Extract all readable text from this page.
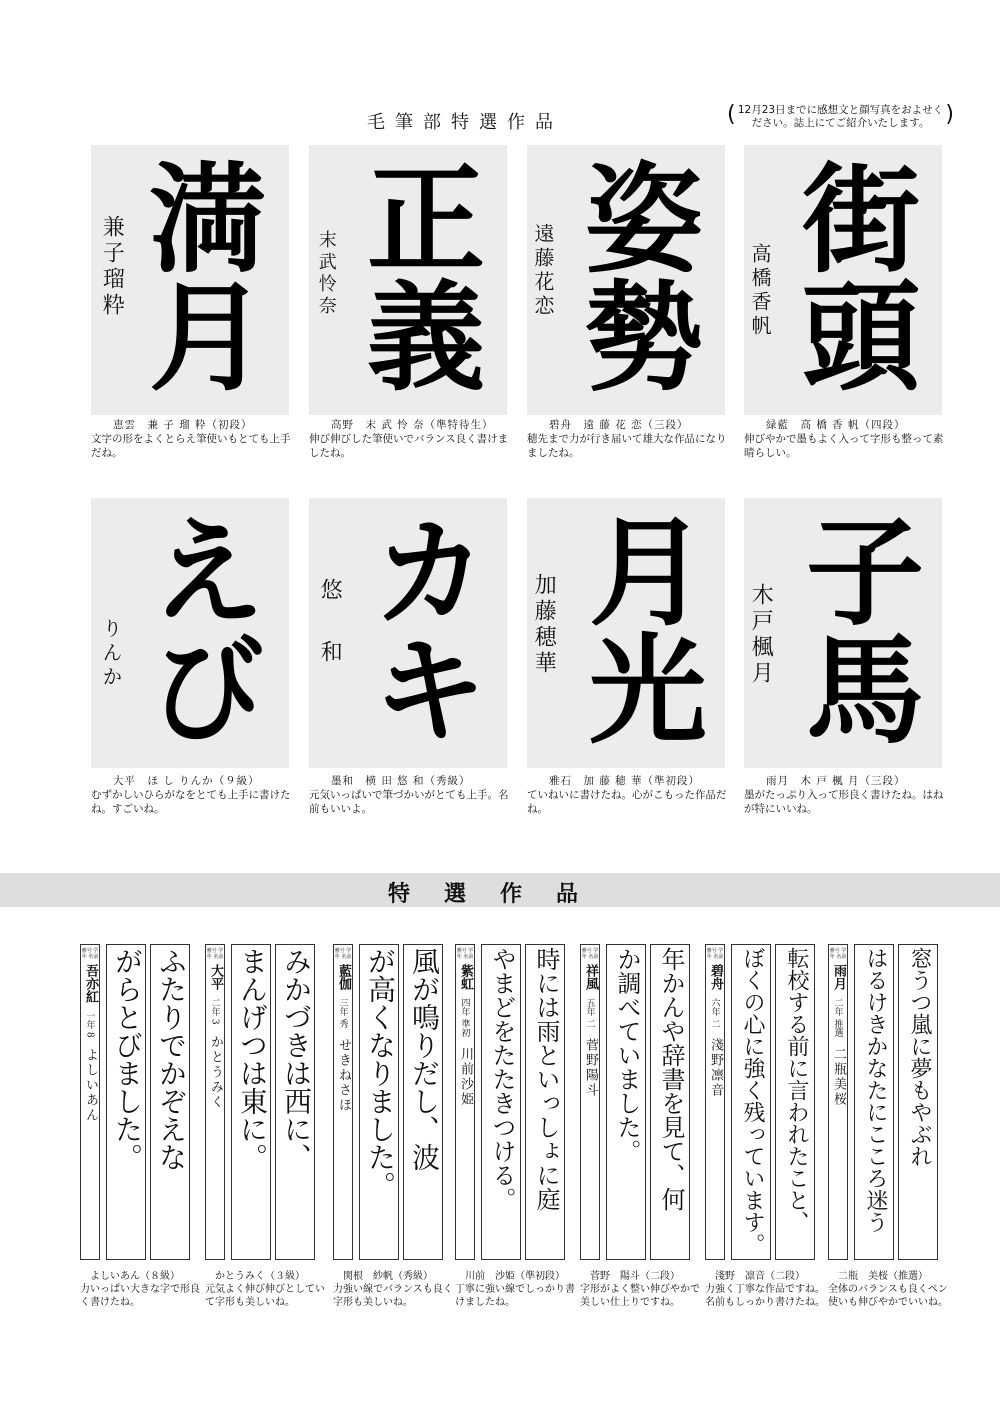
毛筆部特選作品
( 12月23日までに感想文と顔写真をおよせください。誌上にてご紹介いたします。 )
満月
兼子瑠粋 正義
末武怜奈 姿勢
遠藤花恋 街頭
高橋香帆
恵雲　兼 子 瑠 粋（初段）
文字の形をよくとらえ筆使いもとても上手だね。
高野　末 武 怜 奈（準特待生）
伸び伸びした筆使いでバランス良く書けましたね。
碧舟　遠 藤 花 恋（三段）
穂先まで力が行き届いて雄大な作品になりましたね。
緑藍　高 橋 香 帆（四段）
伸びやかで墨もよく入って字形も整って素晴らしい。
えび
りんか カキ
悠和 月光
加藤穂華 子馬
木戸楓月
大平　ほ し りんか（９級）
むずかしいひらがなをとても上手に書けたね。すごいね。
墨和　横 田 悠 和（秀級）
元気いっぱいで筆づかいがとても上手。名前もいいよ。
雅石　加 藤 穂 華（準初段）
ていねいに書けたね。心がこもった作品だね。
雨月　木 戸 楓 月（三段）
墨がたっぷり入って形良く書けたね。はねが特にいいね。
特選作品
雅号 学年 名前
吾亦紅
一年 8
よしいあん がらとびました。 ふたりでかぞえな	雅号 学年 名前
大平
二年 3
かとうみく まんげつは東に。 みかづきは西に、	雅号 学年 名前
藍伽
三年 秀
せきねさほ が高くなりました。 風が鳴りだし、波	雅号 学年 名前
紫虹
四年 準初
川前沙姫 やまどをたたきつける。 時には雨といっしょに庭	雅号 学年 名前
祥風
五年 二
菅野陽斗 か調べていました。 年かんや辞書を見て、何	雅号 学年 名前
碧舟
六年 二
淺野凛音 ぼくの心に強く残っています。 転校する前に言われたこと、	雅号 学年 名前
雨月
二年 推選
二瓶美桜 はるけきかなたにこころ迷う 窓うつ嵐に夢もやぶれ
よしいあん（８級）
力いっぱい大きな字で形良く書けたね。
かとうみく（３級）
元気よく伸び伸びとしていて字形も美しいね。
関根　紗帆（秀級）
力強い線でバランスも良く字形も美しいね。
川前　沙姫（準初段）
丁寧に強い線でしっかり書けましたね。
菅野　陽斗（二段）
字形がよく整い伸びやかで美しい仕上りですね。
淺野　凛音（二段）
力強く丁寧な作品ですね。名前もしっかり書けたね。
二瓶　美桜（推選）
全体のバランスも良くペン使いも伸びやかでいいね。
